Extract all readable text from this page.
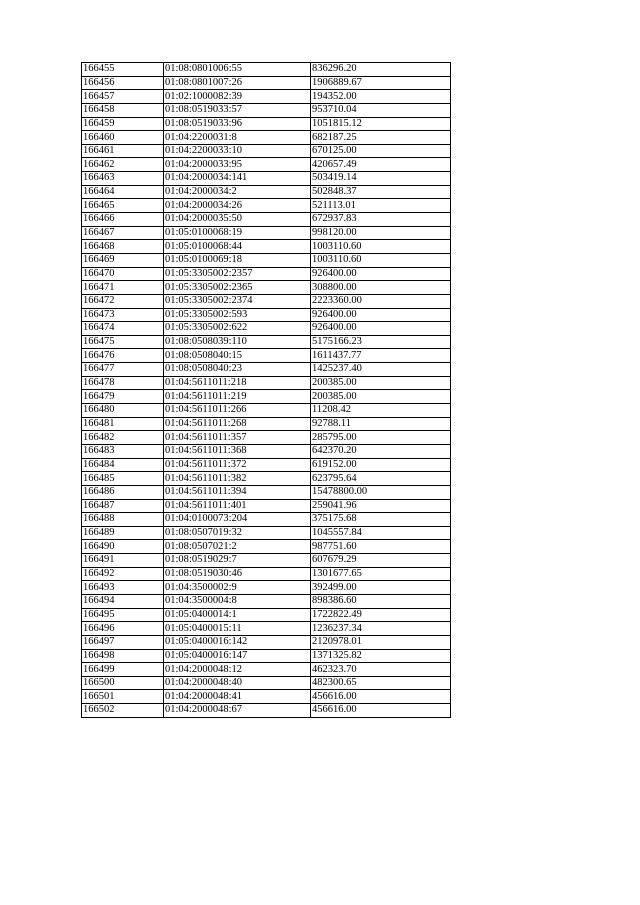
166455	01:08:0801006:55	836296.20
166456	01:08:0801007:26	1906889.67
166457	01:02:1000082:39	194352.00
166458	01:08:0519033:57	953710.04
166459	01:08:0519033:96	1051815.12
166460	01:04:2200031:8	682187.25
166461	01:04:2200033:10	670125.00
166462	01:04:2000033:95	420657.49
166463	01:04:2000034:141	503419.14
166464	01:04:2000034:2	502848.37
166465	01:04:2000034:26	521113.01
166466	01:04:2000035:50	672937.83
166467	01:05:0100068:19	998120.00
166468	01:05:0100068:44	1003110.60
166469	01:05:0100069:18	1003110.60
166470	01:05:3305002:2357	926400.00
166471	01:05:3305002:2365	308800.00
166472	01:05:3305002:2374	2223360.00
166473	01:05:3305002:593	926400.00
166474	01:05:3305002:622	926400.00
166475	01:08:0508039:110	5175166.23
166476	01:08:0508040:15	1611437.77
166477	01:08:0508040:23	1425237.40
166478	01:04:5611011:218	200385.00
166479	01:04:5611011:219	200385.00
166480	01:04:5611011:266	11208.42
166481	01:04:5611011:268	92788.11
166482	01:04:5611011:357	285795.00
166483	01:04:5611011:368	642370.20
166484	01:04:5611011:372	619152.00
166485	01:04:5611011:382	623795.64
166486	01:04:5611011:394	15478800.00
166487	01:04:5611011:401	259041.96
166488	01:04:0100073:204	375175.68
166489	01:08:0507019:32	1045557.84
166490	01:08:0507021:2	987751.60
166491	01:08:0519029:7	607679.29
166492	01:08:0519030:46	1301677.65
166493	01:04:3500002:9	392499.00
166494	01:04:3500004:8	898386.60
166495	01:05:0400014:1	1722822.49
166496	01:05:0400015:11	1236237.34
166497	01:05:0400016:142	2120978.01
166498	01:05:0400016:147	1371325.82
166499	01:04:2000048:12	462323.70
166500	01:04:2000048:40	482300.65
166501	01:04:2000048:41	456616.00
166502	01:04:2000048:67	456616.00
